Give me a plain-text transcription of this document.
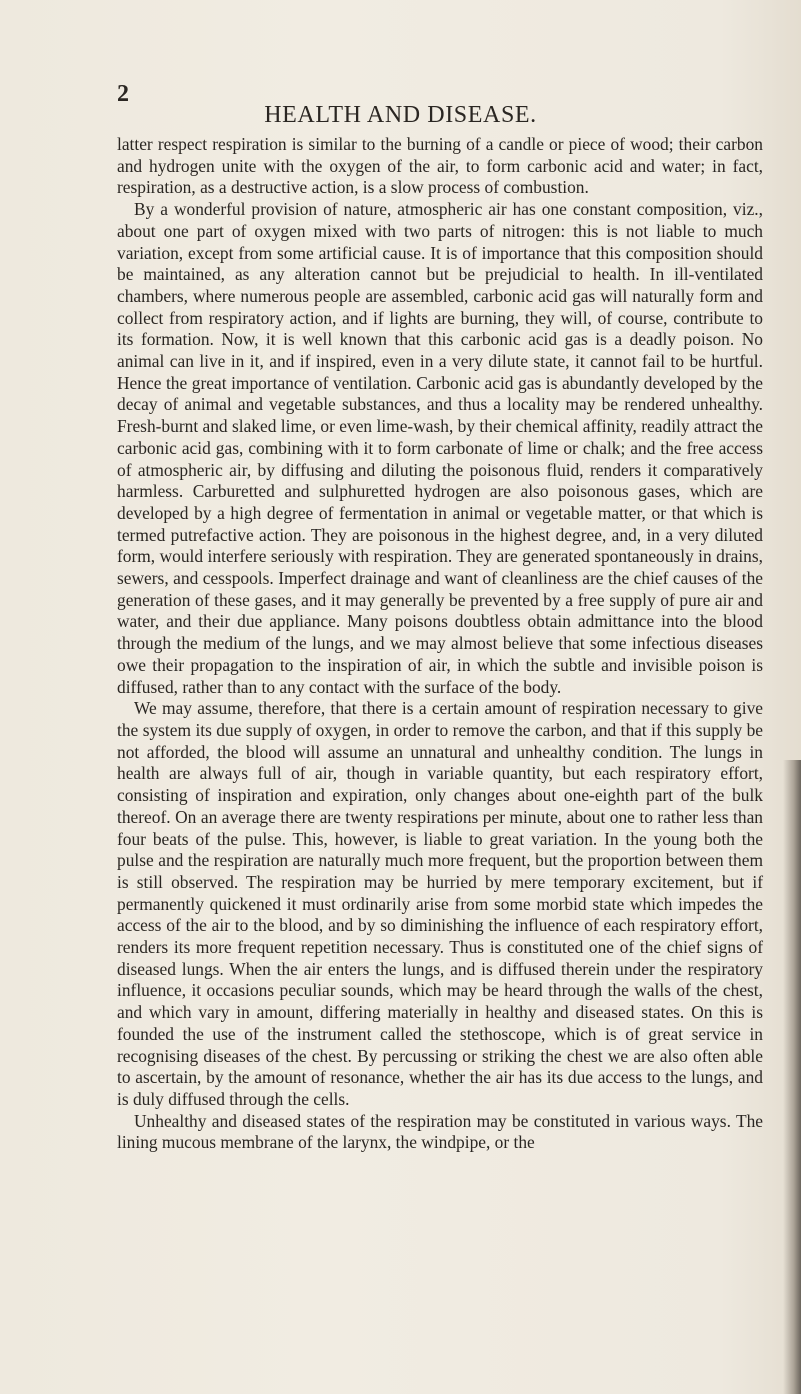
2
HEALTH AND DISEASE.

latter respect respiration is similar to the burning of a candle or piece of wood; their carbon and hydrogen unite with the oxygen of the air, to form carbonic acid and water; in fact, respiration, as a destructive action, is a slow process of combustion.

By a wonderful provision of nature, atmospheric air has one constant composition, viz., about one part of oxygen mixed with two parts of nitrogen: this is not liable to much variation, except from some artificial cause. It is of importance that this composition should be maintained, as any alteration cannot but be prejudicial to health. In ill-ventilated chambers, where numerous people are assembled, carbonic acid gas will naturally form and collect from respiratory action, and if lights are burning, they will, of course, contribute to its formation. Now, it is well known that this carbonic acid gas is a deadly poison. No animal can live in it, and if inspired, even in a very dilute state, it cannot fail to be hurtful. Hence the great importance of ventilation. Carbonic acid gas is abundantly developed by the decay of animal and vegetable substances, and thus a locality may be rendered unhealthy. Fresh-burnt and slaked lime, or even lime-wash, by their chemical affinity, readily attract the carbonic acid gas, combining with it to form carbonate of lime or chalk; and the free access of atmospheric air, by diffusing and diluting the poisonous fluid, renders it comparatively harmless. Carburetted and sulphuretted hydrogen are also poisonous gases, which are developed by a high degree of fermentation in animal or vegetable matter, or that which is termed putrefactive action. They are poisonous in the highest degree, and, in a very diluted form, would interfere seriously with respiration. They are generated spontaneously in drains, sewers, and cesspools. Imperfect drainage and want of cleanliness are the chief causes of the generation of these gases, and it may generally be prevented by a free supply of pure air and water, and their due appliance. Many poisons doubtless obtain admittance into the blood through the medium of the lungs, and we may almost believe that some infectious diseases owe their propagation to the inspiration of air, in which the subtle and invisible poison is diffused, rather than to any contact with the surface of the body.

We may assume, therefore, that there is a certain amount of respiration necessary to give the system its due supply of oxygen, in order to remove the carbon, and that if this supply be not afforded, the blood will assume an unnatural and unhealthy condition. The lungs in health are always full of air, though in variable quantity, but each respiratory effort, consisting of inspiration and expiration, only changes about one-eighth part of the bulk thereof. On an average there are twenty respirations per minute, about one to rather less than four beats of the pulse. This, however, is liable to great variation. In the young both the pulse and the respiration are naturally much more frequent, but the proportion between them is still observed. The respiration may be hurried by mere temporary excitement, but if permanently quickened it must ordinarily arise from some morbid state which impedes the access of the air to the blood, and by so diminishing the influence of each respiratory effort, renders its more frequent repetition necessary. Thus is constituted one of the chief signs of diseased lungs. When the air enters the lungs, and is diffused therein under the respiratory influence, it occasions peculiar sounds, which may be heard through the walls of the chest, and which vary in amount, differing materially in healthy and diseased states. On this is founded the use of the instrument called the stethoscope, which is of great service in recognising diseases of the chest. By percussing or striking the chest we are also often able to ascertain, by the amount of resonance, whether the air has its due access to the lungs, and is duly diffused through the cells.

Unhealthy and diseased states of the respiration may be constituted in various ways. The lining mucous membrane of the larynx, the windpipe, or the
